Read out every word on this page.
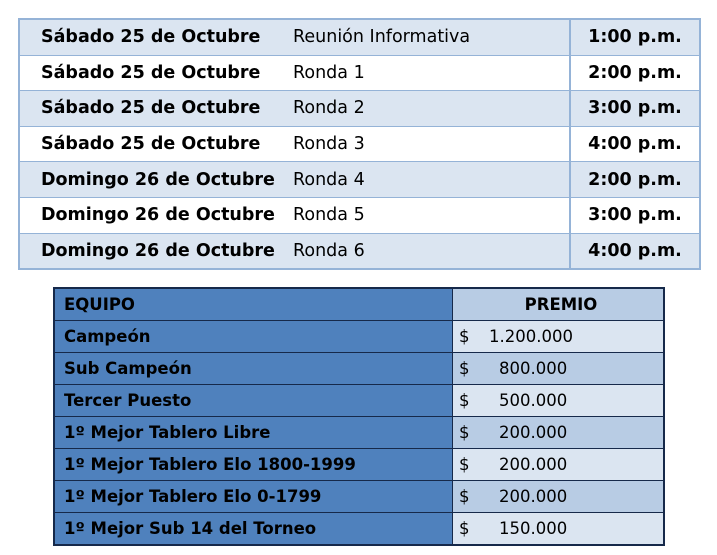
Sábado 25 de Octubre	Reunión Informativa	1:00 p.m.
Sábado 25 de Octubre	Ronda 1	2:00 p.m.
Sábado 25 de Octubre	Ronda 2	3:00 p.m.
Sábado 25 de Octubre	Ronda 3	4:00 p.m.
Domingo 26 de Octubre	Ronda 4	2:00 p.m.
Domingo 26 de Octubre	Ronda 5	3:00 p.m.
Domingo 26 de Octubre	Ronda 6	4:00 p.m.
EQUIPO	PREMIO
Campeón	$ 1.200.000
Sub Campeón	$ 800.000
Tercer Puesto	$ 500.000
1º Mejor Tablero Libre	$ 200.000
1º Mejor Tablero Elo 1800-1999	$ 200.000
1º Mejor Tablero Elo 0-1799	$ 200.000
1º Mejor Sub 14 del Torneo	$ 150.000
